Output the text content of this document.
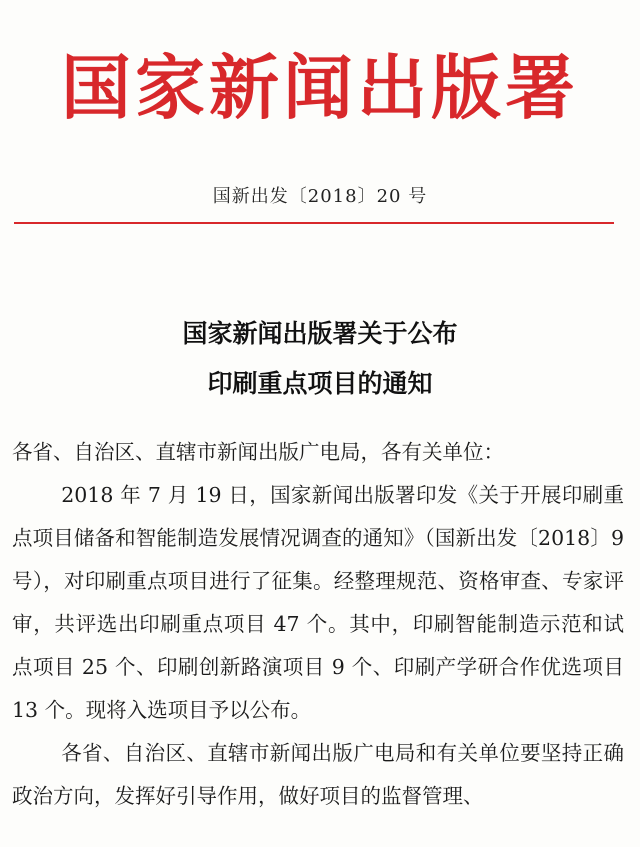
国家新闻出版署
国新出发〔2018〕20 号
国家新闻出版署关于公布
印刷重点项目的通知

各省、自治区、直辖市新闻出版广电局，各有关单位：

2018 年 7 月 19 日，国家新闻出版署印发《关于开展印刷重点项目储备和智能制造发展情况调查的通知》（国新出发〔2018〕9 号），对印刷重点项目进行了征集。经整理规范、资格审查、专家评审，共评选出印刷重点项目 47 个。其中，印刷智能制造示范和试点项目 25 个、印刷创新路演项目 9 个、印刷产学研合作优选项目 13 个。现将入选项目予以公布。

各省、自治区、直辖市新闻出版广电局和有关单位要坚持正确政治方向，发挥好引导作用，做好项目的监督管理、
